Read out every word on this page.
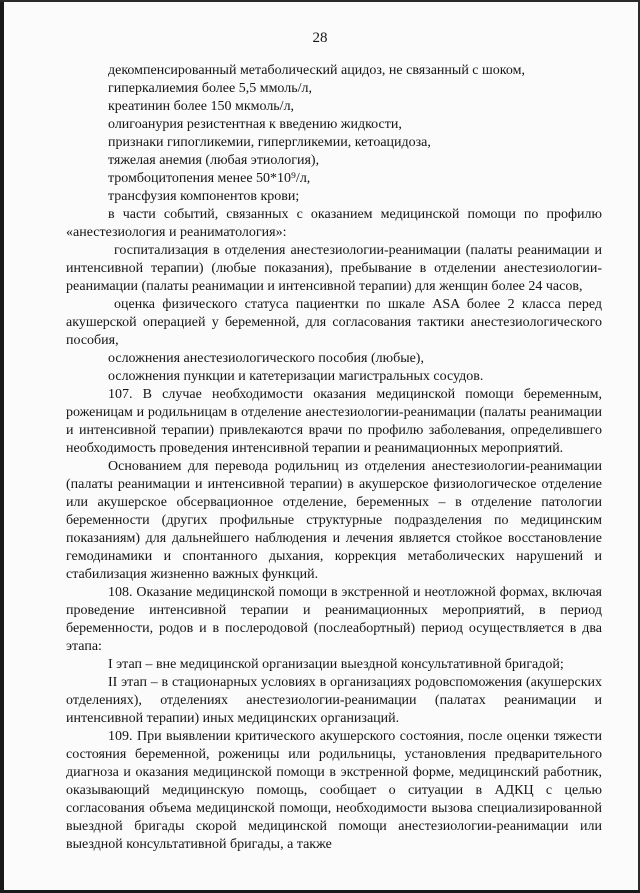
28

декомпенсированный метаболический ацидоз, не связанный с шоком,

гиперкалиемия более 5,5 ммоль/л,

креатинин более 150 мкмоль/л,

олигоанурия резистентная к введению жидкости,

признаки гипогликемии, гипергликемии, кетоацидоза,

тяжелая анемия (любая этиология),

тромбоцитопения менее 50*10⁹/л,

трансфузия компонентов крови;

в части событий, связанных с оказанием медицинской помощи по профилю «анестезиология и реаниматология»:

госпитализация в отделения анестезиологии-реанимации (палаты реанимации и интенсивной терапии) (любые показания), пребывание в отделении анестезиологии-реанимации (палаты реанимации и интенсивной терапии) для женщин более 24 часов,

оценка физического статуса пациентки по шкале ASA более 2 класса перед акушерской операцией у беременной, для согласования тактики анестезиологического пособия,

осложнения анестезиологического пособия (любые),

осложнения пункции и катетеризации магистральных сосудов.

107. В случае необходимости оказания медицинской помощи беременным, роженицам и родильницам в отделение анестезиологии-реанимации (палаты реанимации и интенсивной терапии) привлекаются врачи по профилю заболевания, определившего необходимость проведения интенсивной терапии и реанимационных мероприятий.

Основанием для перевода родильниц из отделения анестезиологии-реанимации (палаты реанимации и интенсивной терапии) в акушерское физиологическое отделение или акушерское обсервационное отделение, беременных – в отделение патологии беременности (других профильные структурные подразделения по медицинским показаниям) для дальнейшего наблюдения и лечения является стойкое восстановление гемодинамики и спонтанного дыхания, коррекция метаболических нарушений и стабилизация жизненно важных функций.

108. Оказание медицинской помощи в экстренной и неотложной формах, включая проведение интенсивной терапии и реанимационных мероприятий, в период беременности, родов и в послеродовой (послеабортный) период осуществляется в два этапа:

I этап – вне медицинской организации выездной консультативной бригадой;

II этап – в стационарных условиях в организациях родовспоможения (акушерских отделениях), отделениях анестезиологии-реанимации (палатах реанимации и интенсивной терапии) иных медицинских организаций.

109. При выявлении критического акушерского состояния, после оценки тяжести состояния беременной, роженицы или родильницы, установления предварительного диагноза и оказания медицинской помощи в экстренной форме, медицинский работник, оказывающий медицинскую помощь, сообщает о ситуации в АДКЦ с целью согласования объема медицинской помощи, необходимости вызова специализированной выездной бригады скорой медицинской помощи анестезиологии-реанимации или выездной консультативной бригады, а также
